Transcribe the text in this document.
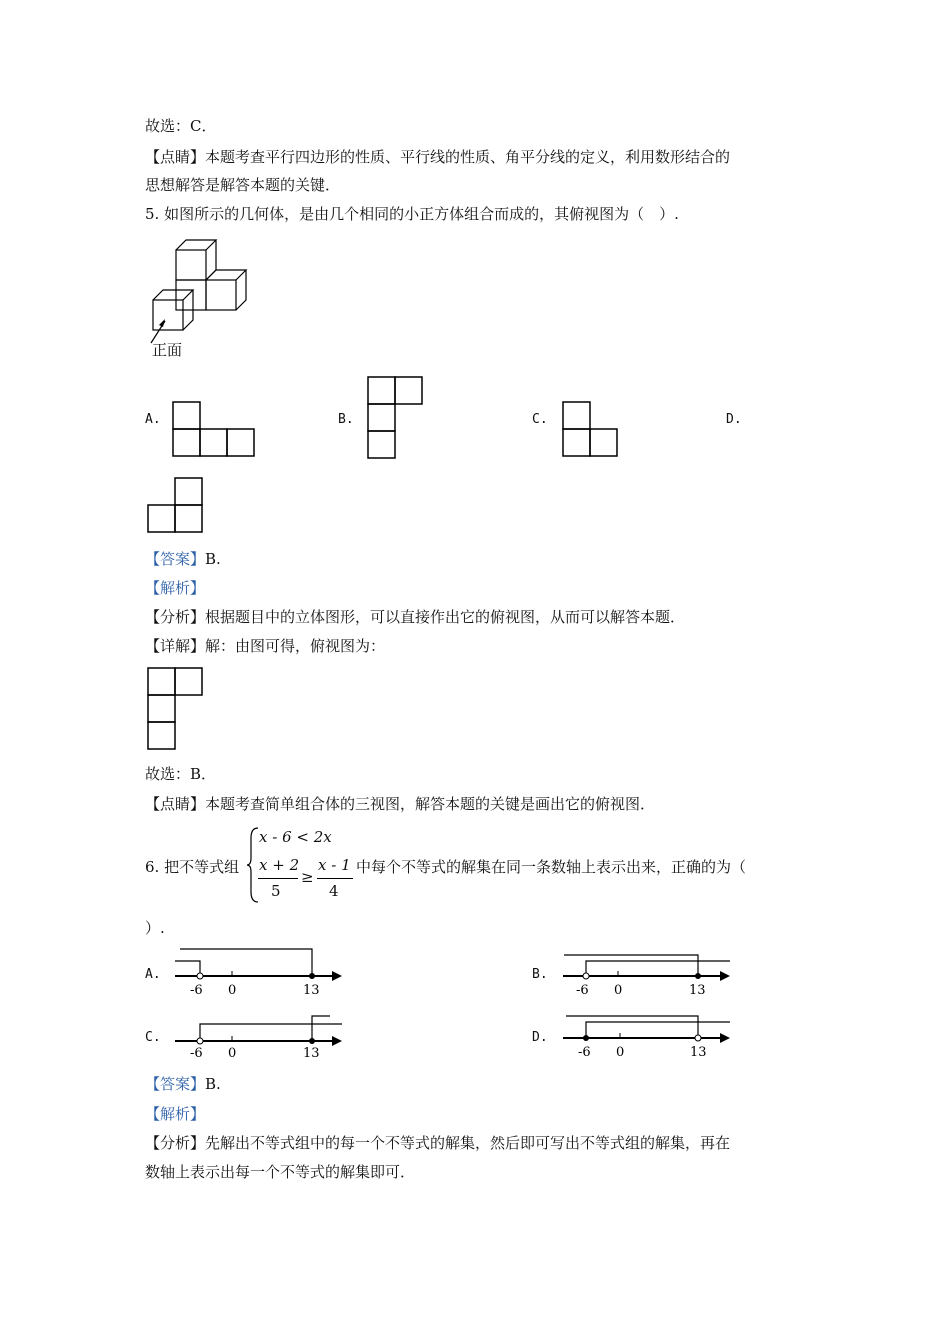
故选：C．
【点睛】本题考查平行四边形的性质、平行线的性质、角平分线的定义，利用数形结合的
思想解答是解答本题的关键．
5. 如图所示的几何体，是由几个相同的小正方体组合而成的，其俯视图为（　）.
正面
A.	B.	C.	D.
【答案】B.
【解析】
【分析】根据题目中的立体图形，可以直接作出它的俯视图，从而可以解答本题．
【详解】解：由图可得，俯视图为：
故选：B．
【点睛】本题考查简单组合体的三视图，解答本题的关键是画出它的俯视图．
6. 把不等式组
x - 6 < 2x
x + 2
5
≥
x - 1
4
中每个不等式的解集在同一条数轴上表示出来，正确的为（
）.
A.
-6 0	13
B.
-6 0	13
C.
-6 0	13
D.
-6 0	13
【答案】B.
【解析】
【分析】先解出不等式组中的每一个不等式的解集，然后即可写出不等式组的解集，再在
数轴上表示出每一个不等式的解集即可．
